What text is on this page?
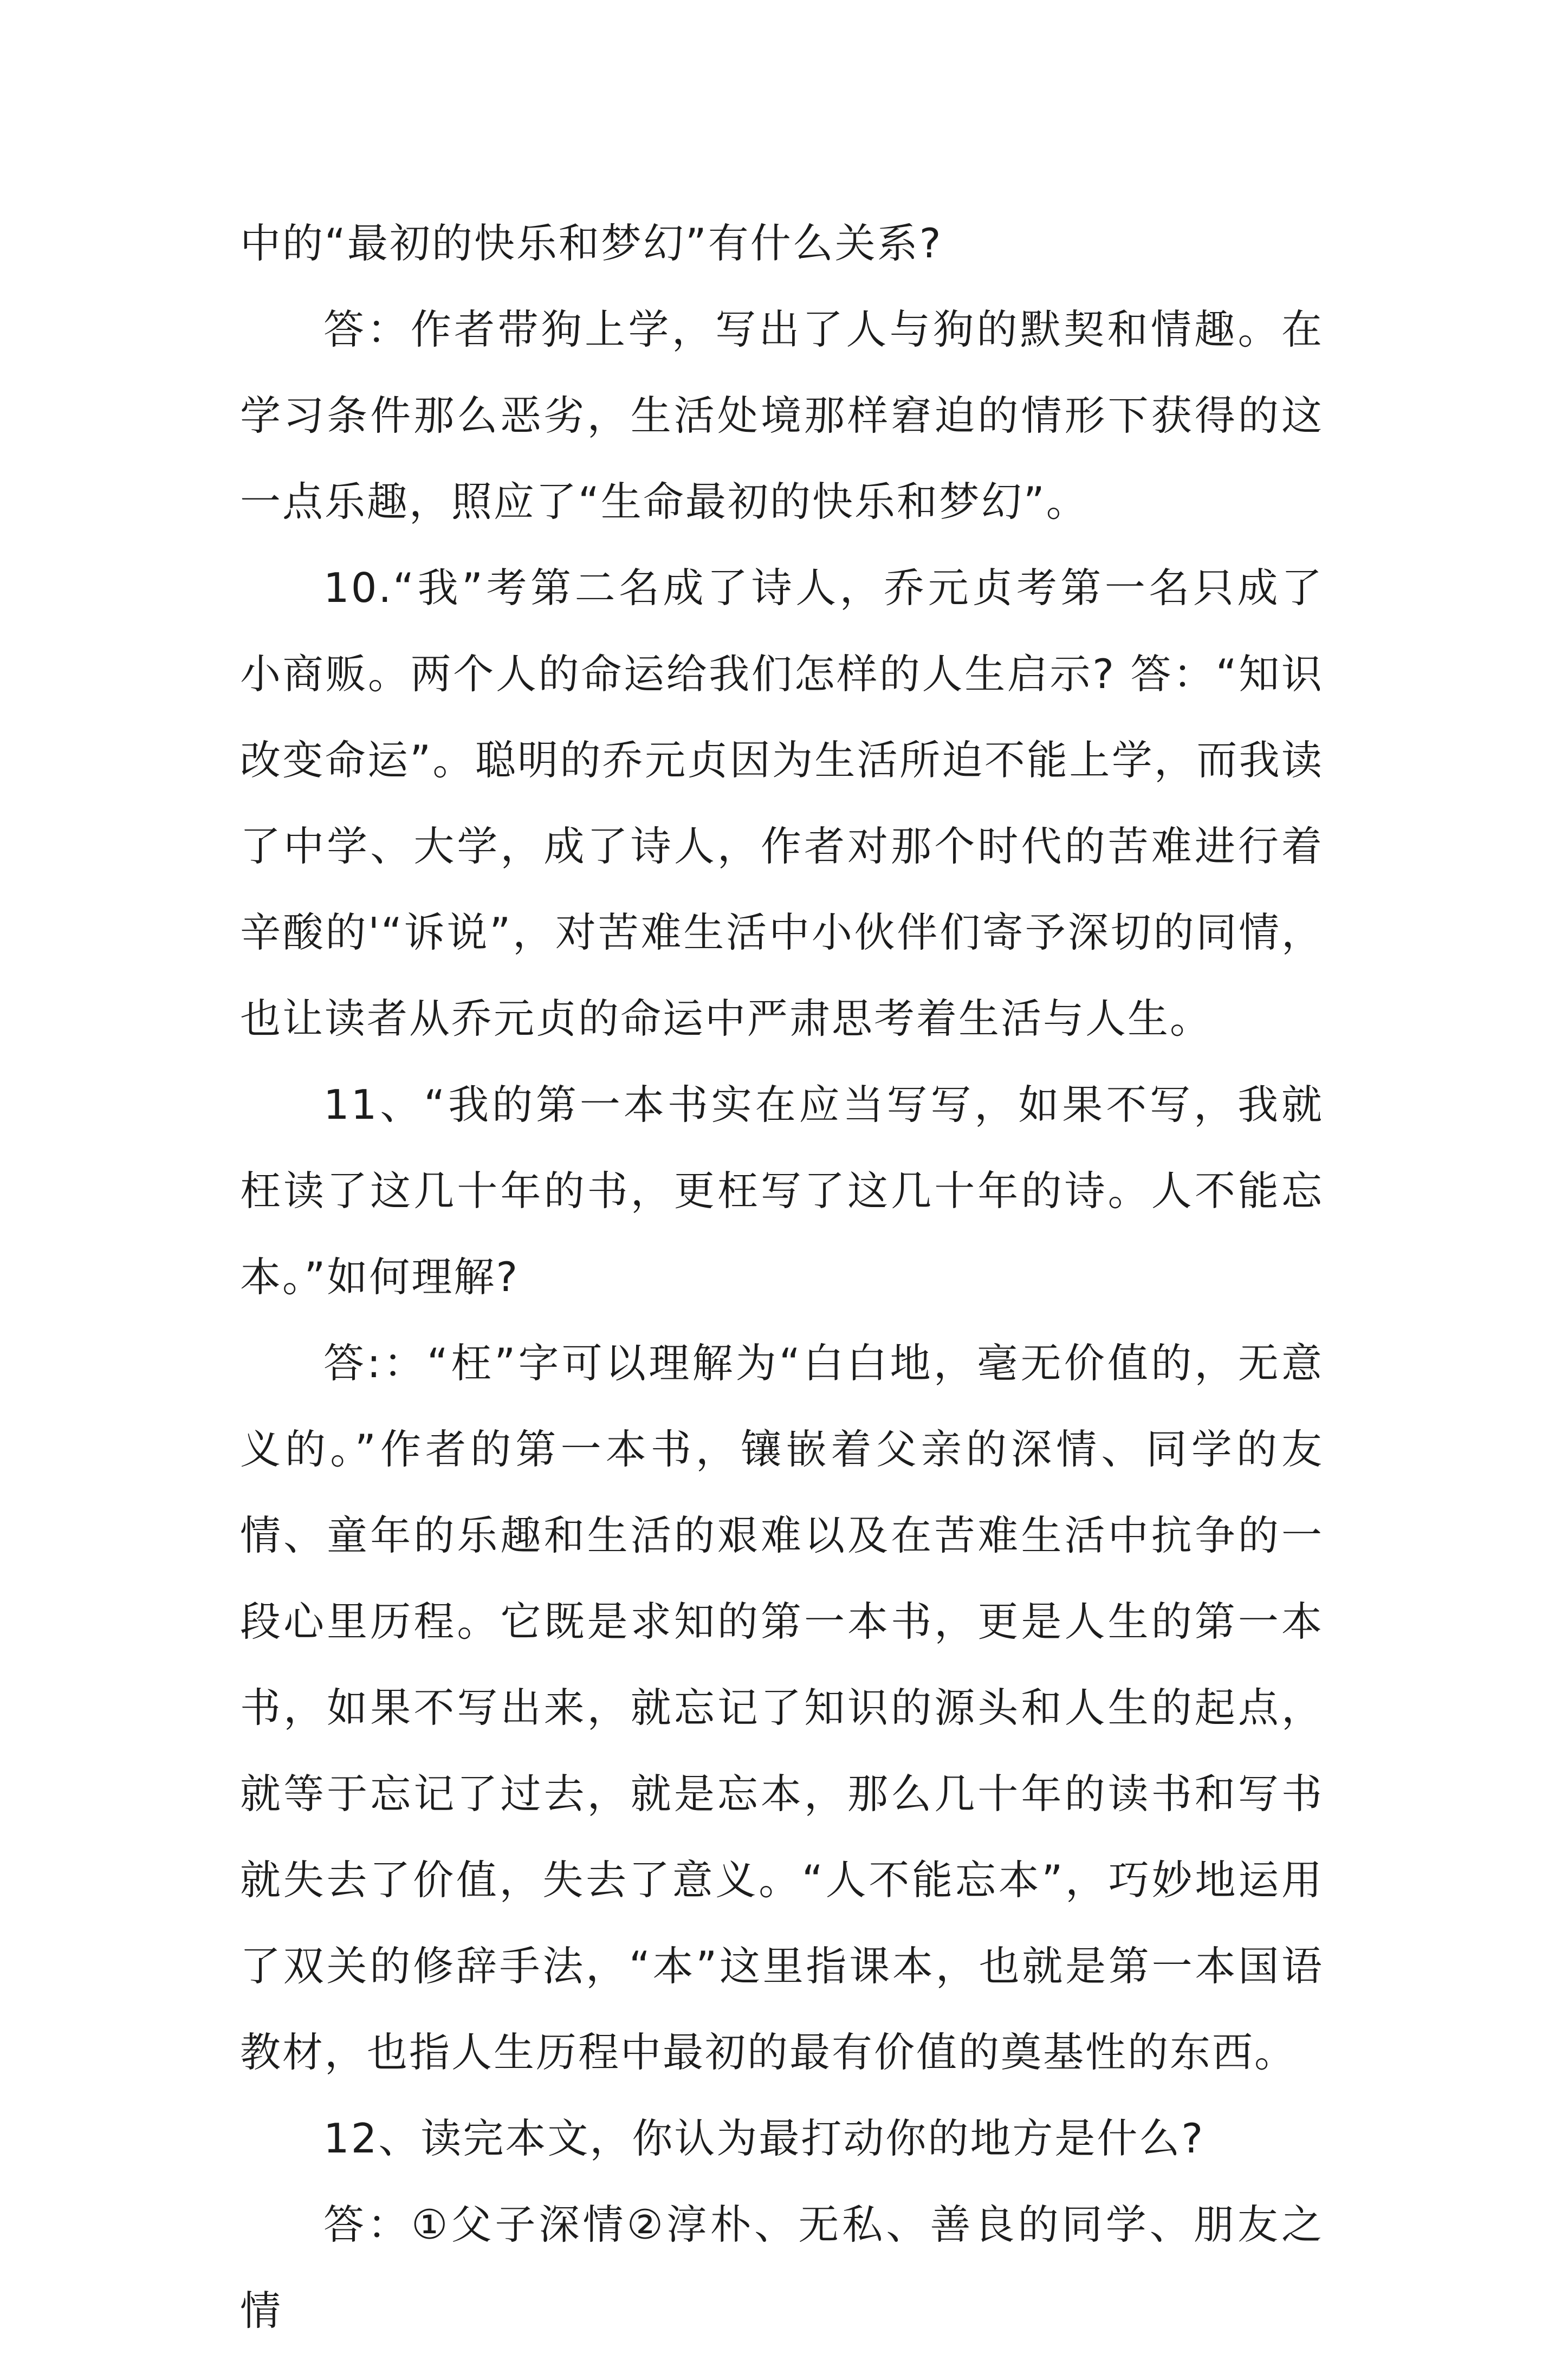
中的“最初的快乐和梦幻”有什么关系?

答：作者带狗上学，写出了人与狗的默契和情趣。在学习条件那么恶劣，生活处境那样窘迫的情形下获得的这一点乐趣，照应了“生命最初的快乐和梦幻”。

10.“我”考第二名成了诗人，乔元贞考第一名只成了小商贩。两个人的命运给我们怎样的人生启示? 答：“知识改变命运”。聪明的乔元贞因为生活所迫不能上学，而我读了中学、大学，成了诗人，作者对那个时代的苦难进行着辛酸的'“诉说”，对苦难生活中小伙伴们寄予深切的同情，也让读者从乔元贞的命运中严肃思考着生活与人生。

11、“我的第一本书实在应当写写，如果不写，我就枉读了这几十年的书，更枉写了这几十年的诗。人不能忘本。”如何理解?

答:：“枉”字可以理解为“白白地，毫无价值的，无意义的。”作者的第一本书，镶嵌着父亲的深情、同学的友情、童年的乐趣和生活的艰难以及在苦难生活中抗争的一段心里历程。它既是求知的第一本书，更是人生的第一本书，如果不写出来，就忘记了知识的源头和人生的起点，就等于忘记了过去，就是忘本，那么几十年的读书和写书就失去了价值，失去了意义。“人不能忘本”，巧妙地运用了双关的修辞手法，“本”这里指课本，也就是第一本国语教材，也指人生历程中最初的最有价值的奠基性的东西。

12、读完本文，你认为最打动你的地方是什么?

答：①父子深情②淳朴、无私、善良的同学、朋友之情
